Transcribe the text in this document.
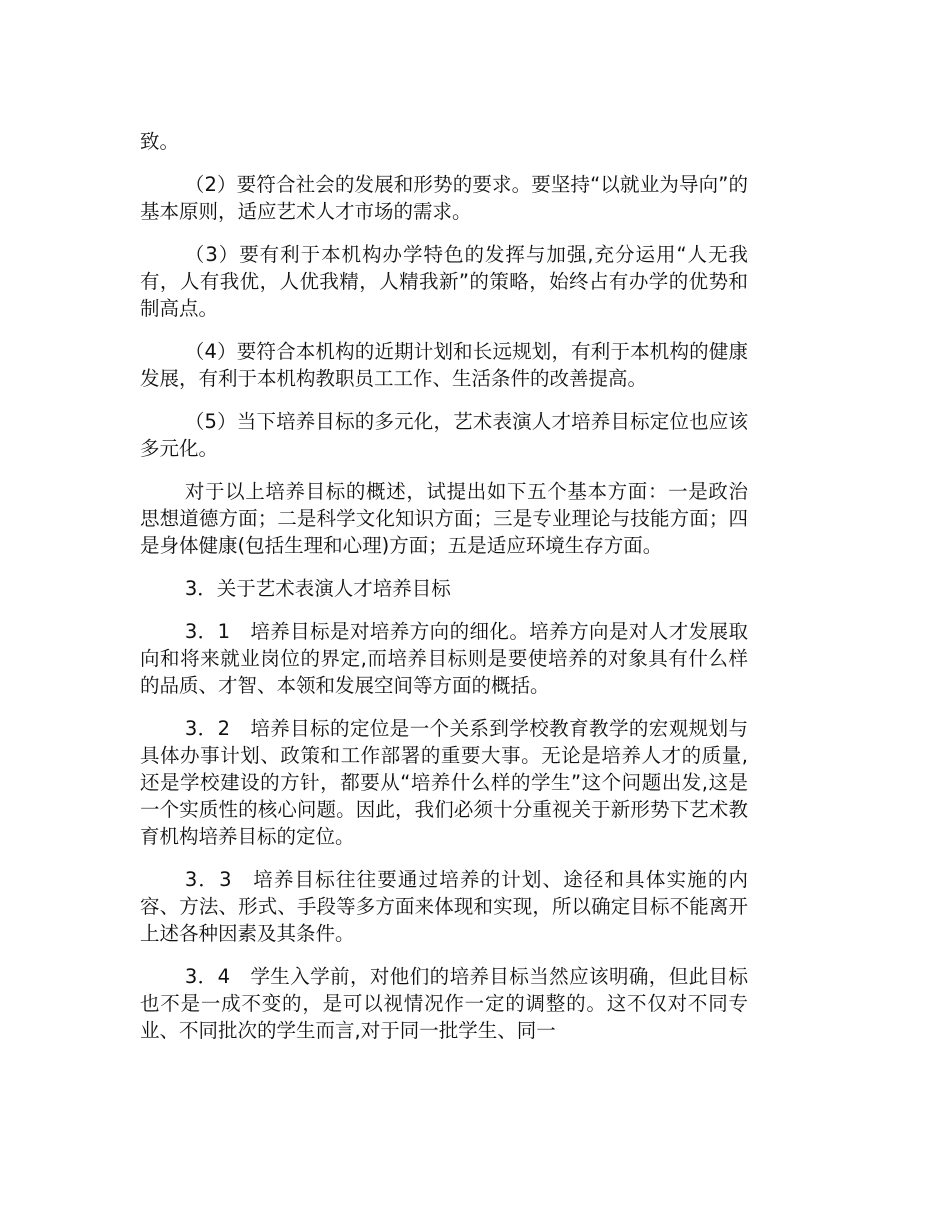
致。

（2）要符合社会的发展和形势的要求。要坚持“以就业为导向”的基本原则，适应艺术人才市场的需求。

（3）要有利于本机构办学特色的发挥与加强,充分运用“人无我有，人有我优，人优我精，人精我新”的策略，始终占有办学的优势和制高点。

（4）要符合本机构的近期计划和长远规划，有利于本机构的健康发展，有利于本机构教职员工工作、生活条件的改善提高。

（5）当下培养目标的多元化，艺术表演人才培养目标定位也应该多元化。

对于以上培养目标的概述，试提出如下五个基本方面：一是政治思想道德方面；二是科学文化知识方面；三是专业理论与技能方面；四是身体健康(包括生理和心理)方面；五是适应环境生存方面。

3．关于艺术表演人才培养目标

3．1　培养目标是对培养方向的细化。培养方向是对人才发展取向和将来就业岗位的界定,而培养目标则是要使培养的对象具有什么样的品质、才智、本领和发展空间等方面的概括。

3．2　培养目标的定位是一个关系到学校教育教学的宏观规划与具体办事计划、政策和工作部署的重要大事。无论是培养人才的质量,还是学校建设的方针，都要从“培养什么样的学生”这个问题出发,这是一个实质性的核心问题。因此，我们必须十分重视关于新形势下艺术教育机构培养目标的定位。

3．3　培养目标往往要通过培养的计划、途径和具体实施的内容、方法、形式、手段等多方面来体现和实现，所以确定目标不能离开上述各种因素及其条件。

3．4　学生入学前，对他们的培养目标当然应该明确，但此目标也不是一成不变的，是可以视情况作一定的调整的。这不仅对不同专业、不同批次的学生而言,对于同一批学生、同一
